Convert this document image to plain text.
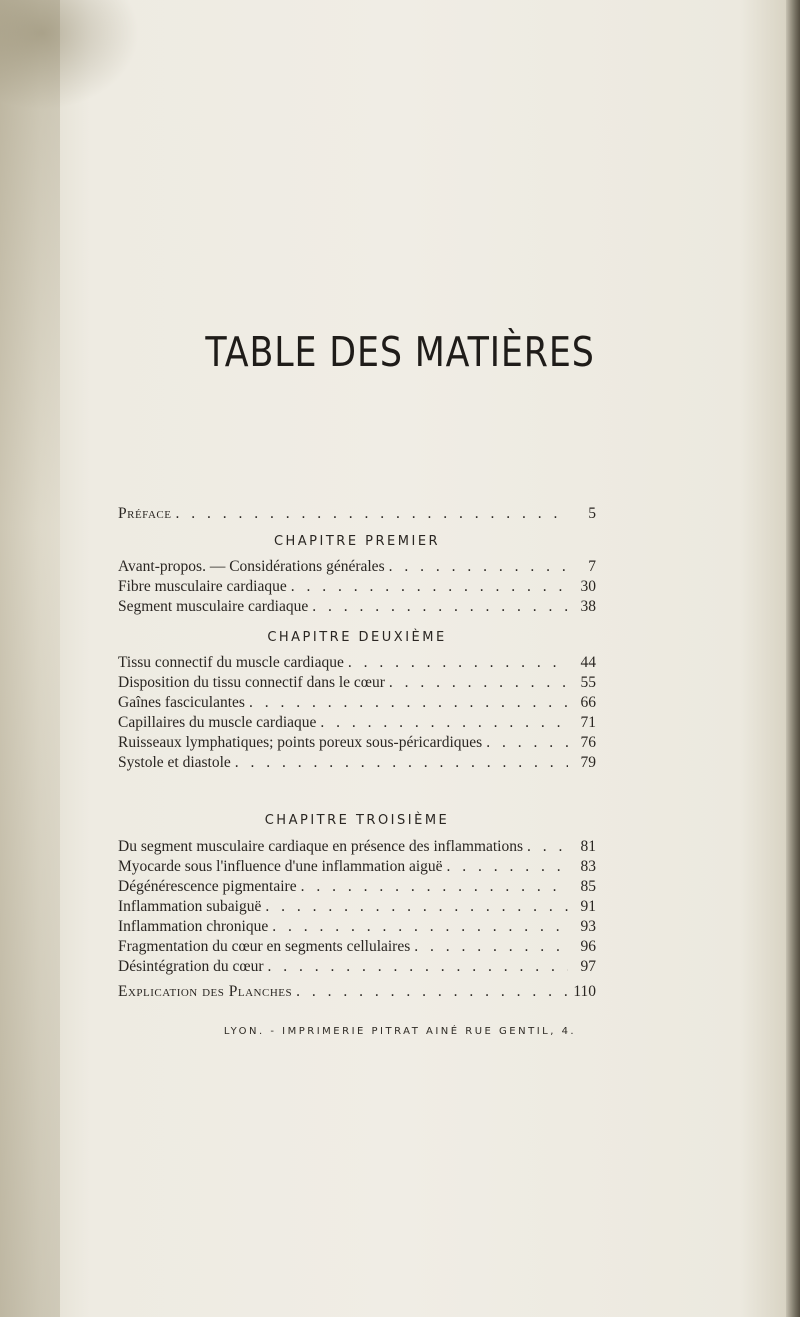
TABLE DES MATIÈRES
Préface . . .	5
CHAPITRE PREMIER
Avant-propos. — Considérations générales . . .	7
Fibre musculaire cardiaque . . .	30
Segment musculaire cardiaque . . .	38
CHAPITRE DEUXIÈME
Tissu connectif du muscle cardiaque . . .	44
Disposition du tissu connectif dans le cœur . . .	55
Gaînes fasciculantes . . .	66
Capillaires du muscle cardiaque . . .	71
Ruisseaux lymphatiques; points poreux sous-péricardiques . . .	76
Systole et diastole . . .	79
CHAPITRE TROISIÈME
Du segment musculaire cardiaque en présence des inflammations . . .	81
Myocarde sous l'influence d'une inflammation aiguë . . .	83
Dégénérescence pigmentaire . . .	85
Inflammation subaiguë . . .	91
Inflammation chronique . . .	93
Fragmentation du cœur en segments cellulaires . . .	96
Désintégration du cœur . . .	97
Explication des Planches . . .	110
LYON. - IMPRIMERIE PITRAT AINÉ RUE GENTIL, 4.
